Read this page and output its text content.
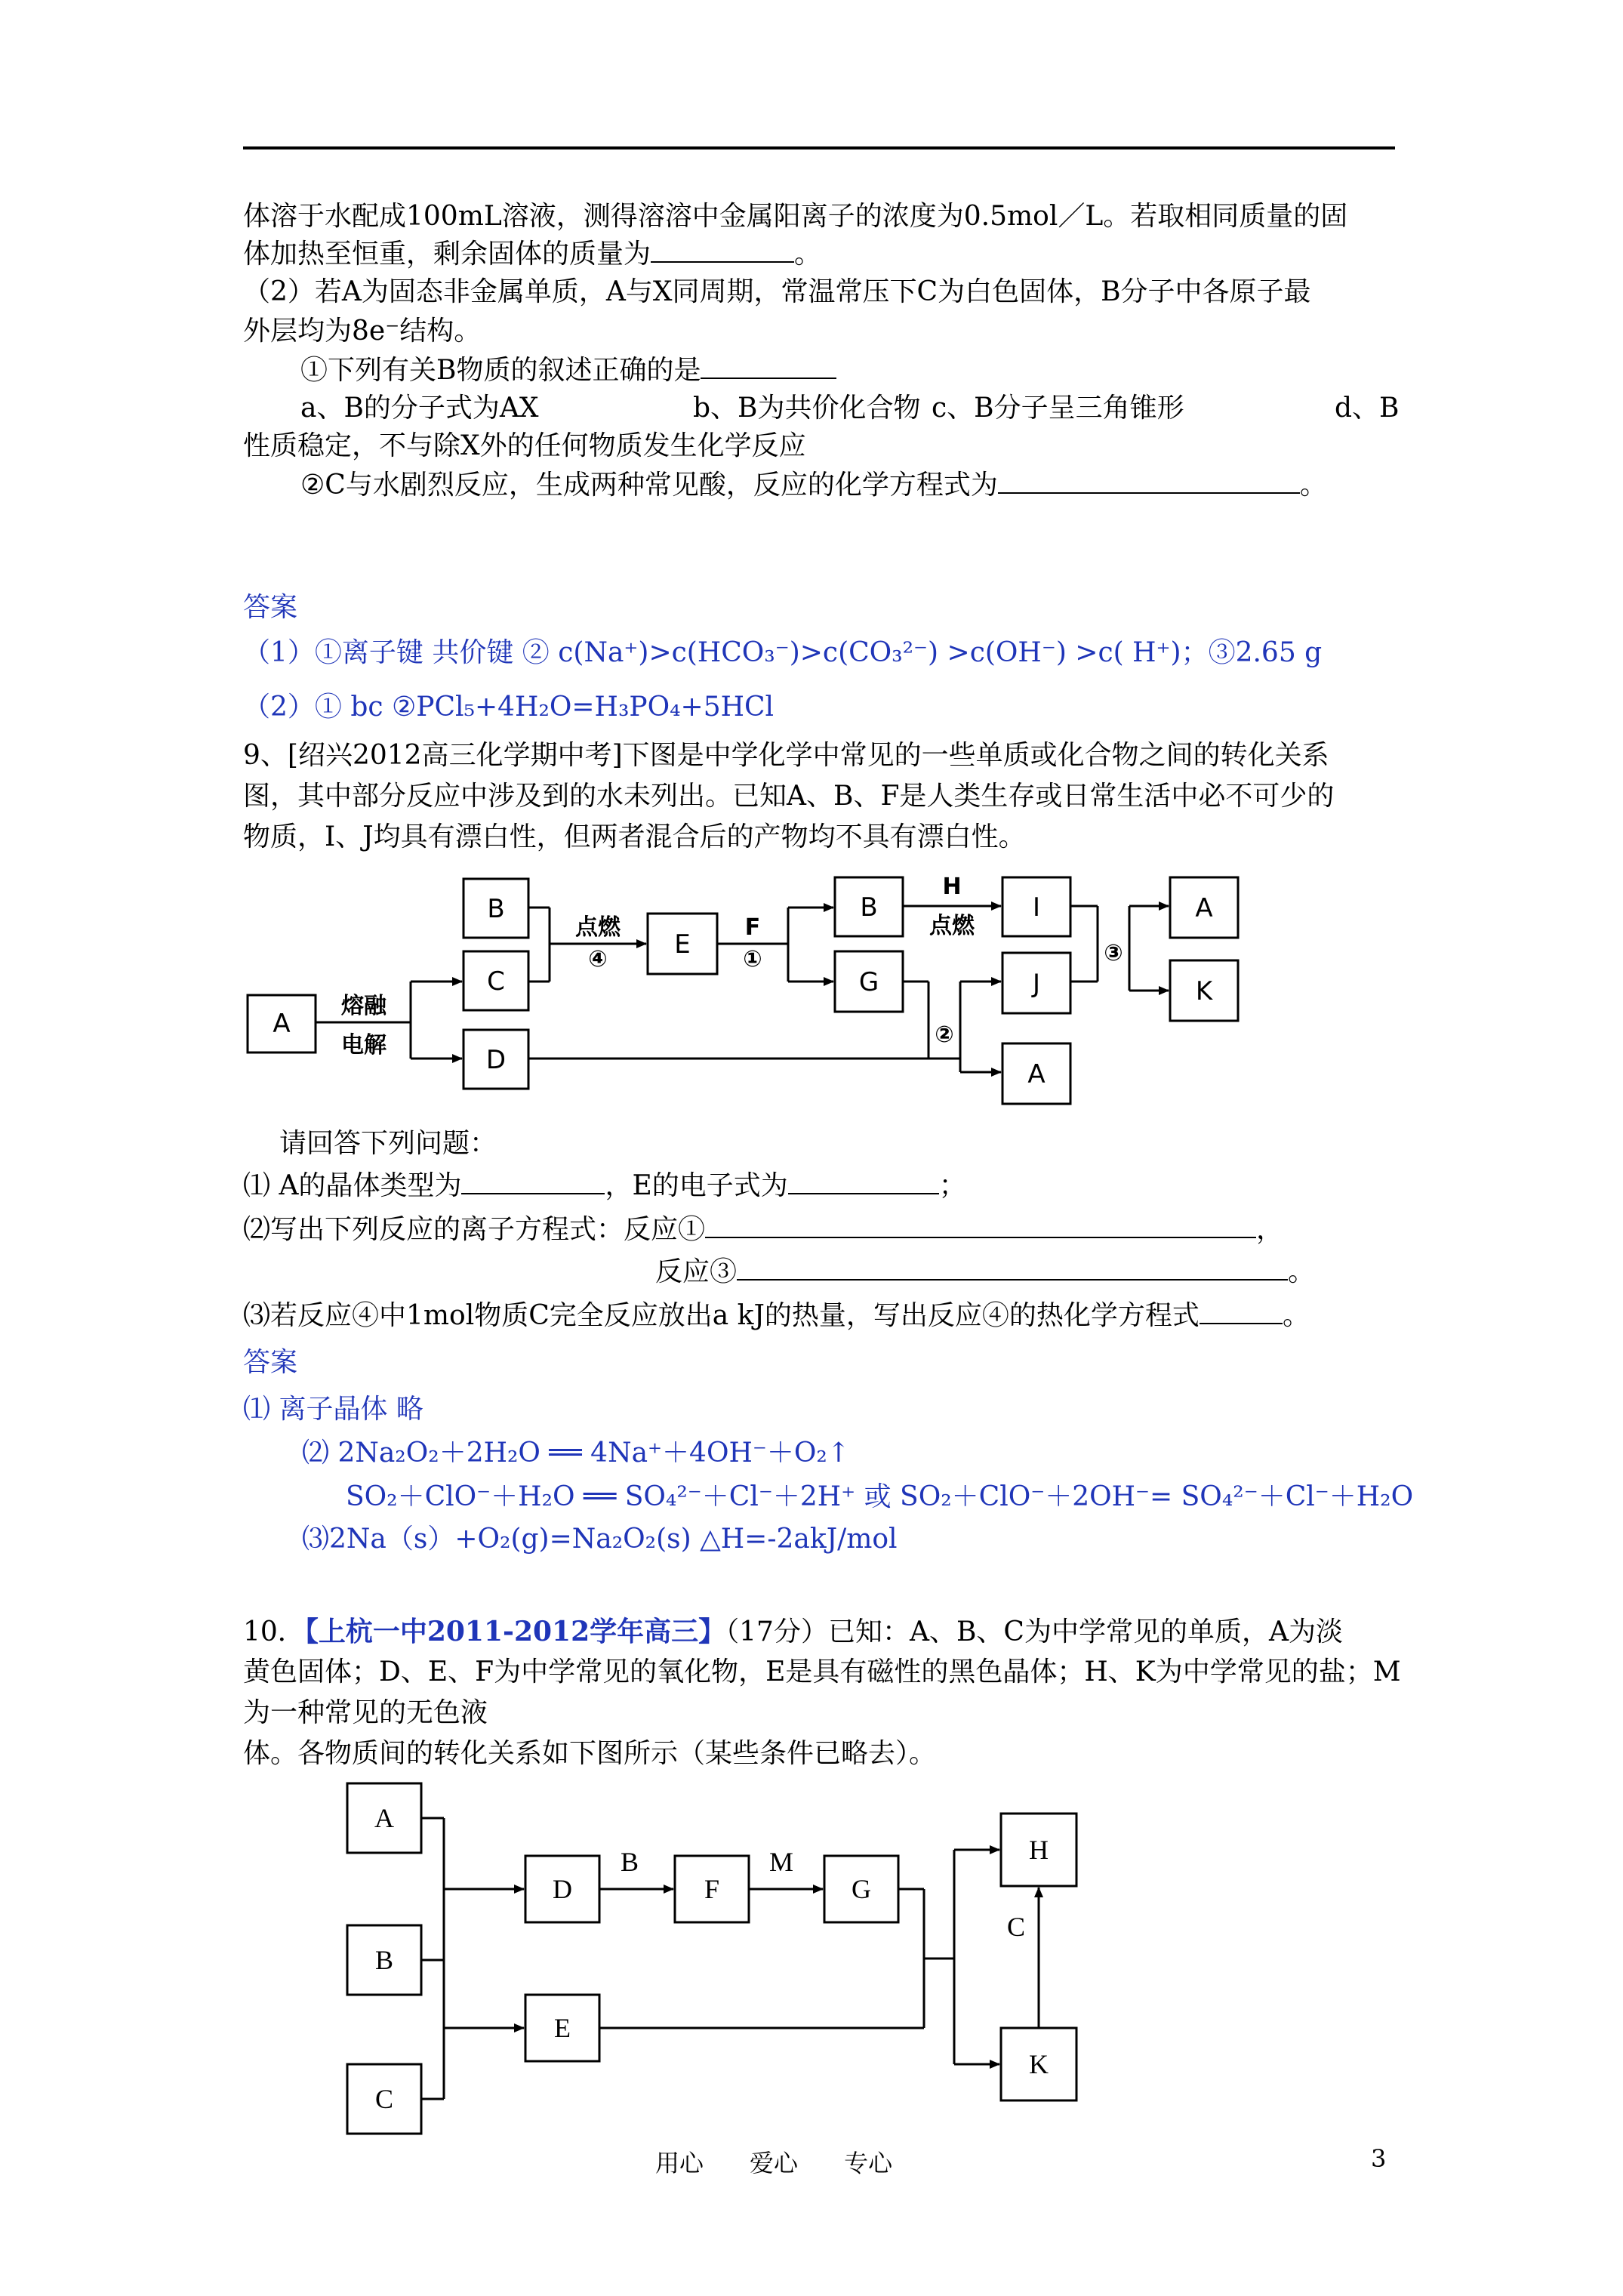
体溶于水配成100mL溶液，测得溶溶中金属阳离子的浓度为0.5mol／L。若取相同质量的固
体加热至恒重，剩余固体的质量为	。
（2）若A为固态非金属单质，A与X同周期，常温常压下C为白色固体，B分子中各原子最
外层均为8e⁻结构。
①下列有关B物质的叙述正确的是
a、B的分子式为AX	b、B为共价化合物 c、B分子呈三角锥形	d、B
性质稳定，不与除X外的任何物质发生化学反应
②C与水剧烈反应，生成两种常见酸，反应的化学方程式为	。
答案
（1）①离子键 共价键 ② c(Na⁺)>c(HCO₃⁻)>c(CO₃²⁻) >c(OH⁻) >c( H⁺)；③2.65 g
（2）① bc ②PCl₅+4H₂O=H₃PO₄+5HCl
9、[绍兴2012高三化学期中考]下图是中学化学中常见的一些单质或化合物之间的转化关系
图，其中部分反应中涉及到的水未列出。已知A、B、F是人类生存或日常生活中必不可少的
物质，I、J均具有漂白性，但两者混合后的产物均不具有漂白性。
A
B
C
D
E
B
G
I
J
A
A
K
熔融
电解
点燃
④
F
①
H
点燃
②
③
请回答下列问题：
⑴ A的晶体类型为	，E的电子式为	；
⑵写出下列反应的离子方程式：反应①	，
反应③	。
⑶若反应④中1mol物质C完全反应放出a kJ的热量，写出反应④的热化学方程式	。
答案
⑴ 离子晶体 略
⑵ 2Na₂O₂＋2H₂O ══ 4Na⁺＋4OH⁻＋O₂↑
SO₂＋ClO⁻＋H₂O ══ SO₄²⁻＋Cl⁻＋2H⁺ 或 SO₂＋ClO⁻＋2OH⁻= SO₄²⁻＋Cl⁻＋H₂O
⑶2Na（s）+O₂(g)=Na₂O₂(s) △H=-2akJ/mol
10．【上杭一中2011-2012学年高三】（17分）已知：A、B、C为中学常见的单质，A为淡
黄色固体；D、E、F为中学常见的氧化物，E是具有磁性的黑色晶体；H、K为中学常见的盐；M
为一种常见的无色液
体。各物质间的转化关系如下图所示（某些条件已略去）。
A
B
C
D	F	G
E
H
K
B	M
C
用心      爱心      专心	3
